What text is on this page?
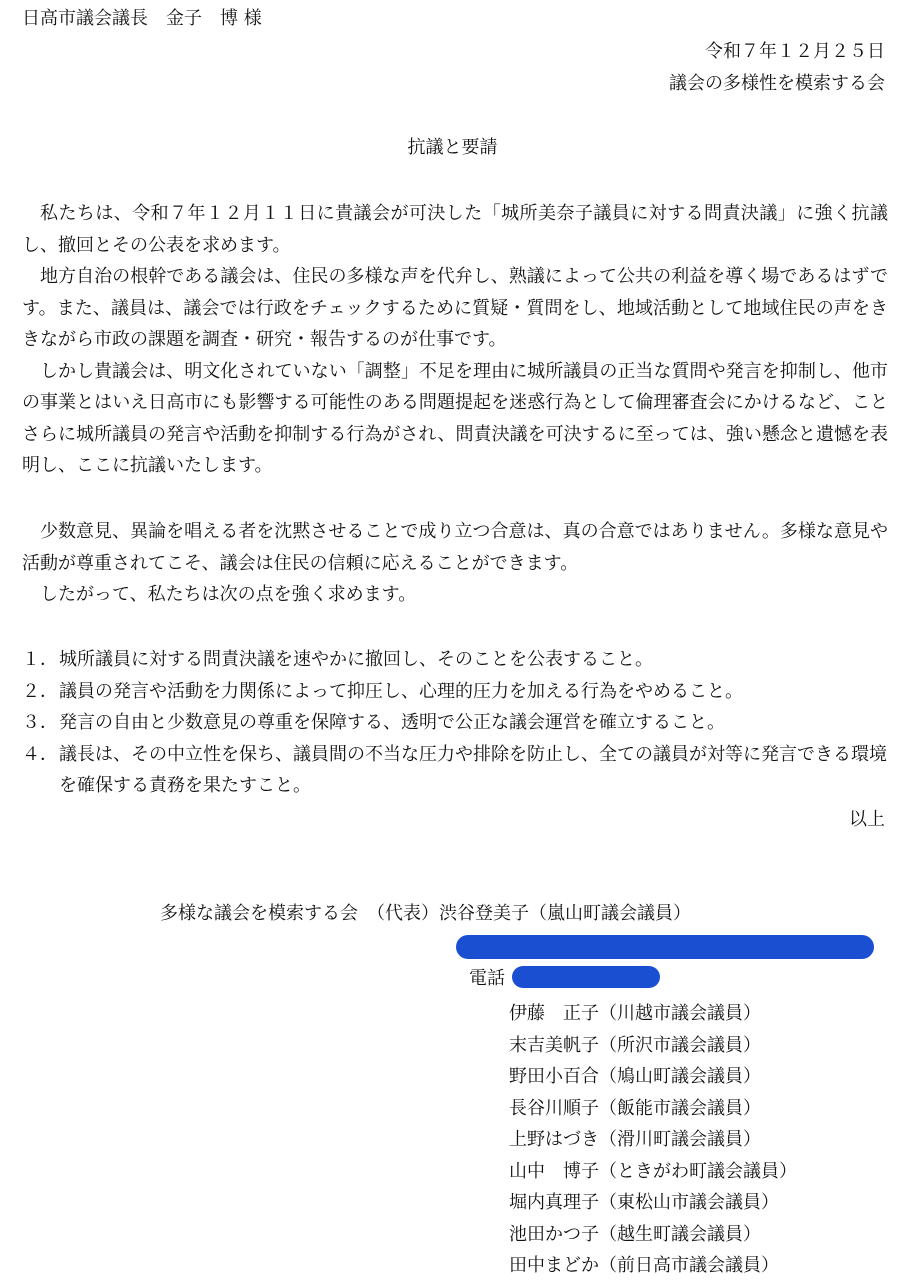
日高市議会議長　金子　博 様
令和７年１２月２５日
議会の多様性を模索する会
抗議と要請

私たちは、令和７年１２月１１日に貴議会が可決した「城所美奈子議員に対する問責決議」に強く抗議し、撤回とその公表を求めます。

地方自治の根幹である議会は、住民の多様な声を代弁し、熟議によって公共の利益を導く場であるはずです。また、議員は、議会では行政をチェックするために質疑・質問をし、地域活動として地域住民の声をききながら市政の課題を調査・研究・報告するのが仕事です。

しかし貴議会は、明文化されていない「調整」不足を理由に城所議員の正当な質問や発言を抑制し、他市の事業とはいえ日高市にも影響する可能性のある問題提起を迷惑行為として倫理審査会にかけるなど、ことさらに城所議員の発言や活動を抑制する行為がされ、問責決議を可決するに至っては、強い懸念と遺憾を表明し、ここに抗議いたします。

少数意見、異論を唱える者を沈黙させることで成り立つ合意は、真の合意ではありません。多様な意見や活動が尊重されてこそ、議会は住民の信頼に応えることができます。

したがって、私たちは次の点を強く求めます。

１． 城所議員に対する問責決議を速やかに撤回し、そのことを公表すること。
２． 議員の発言や活動を力関係によって抑圧し、心理的圧力を加える行為をやめること。
３． 発言の自由と少数意見の尊重を保障する、透明で公正な議会運営を確立すること。
４． 議長は、その中立性を保ち、議員間の不当な圧力や排除を防止し、全ての議員が対等に発言できる環境を確保する責務を果たすこと。
以上
多様な議会を模索する会　（代表）渋谷登美子（嵐山町議会議員）
電話
伊藤　正子（川越市議会議員）
末吉美帆子（所沢市議会議員）
野田小百合（鳩山町議会議員）
長谷川順子（飯能市議会議員）
上野はづき（滑川町議会議員）
山中　博子（ときがわ町議会議員）
堀内真理子（東松山市議会議員）
池田かつ子（越生町議会議員）
田中まどか（前日高市議会議員）
